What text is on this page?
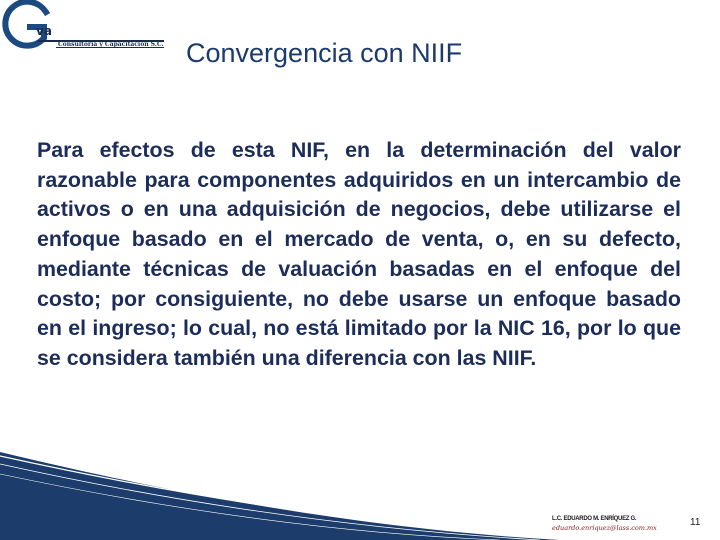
va
Consultoría y Capacitación S.C. Convergencia con NIIF

Para efectos de esta NIF, en la determinación del valor razonable para componentes adquiridos en un intercambio de activos o en una adquisición de negocios, debe utilizarse el enfoque basado en el mercado de venta, o, en su defecto, mediante técnicas de valuación basadas en el enfoque del costo; por consiguiente, no debe usarse un enfoque basado en el ingreso; lo cual, no está limitado por la NIC 16, por lo que se considera también una diferencia con las NIIF.

L.C. EDUARDO M. ENRÍQUEZ G.
eduardo.enriquez@lass.com.mx	11
